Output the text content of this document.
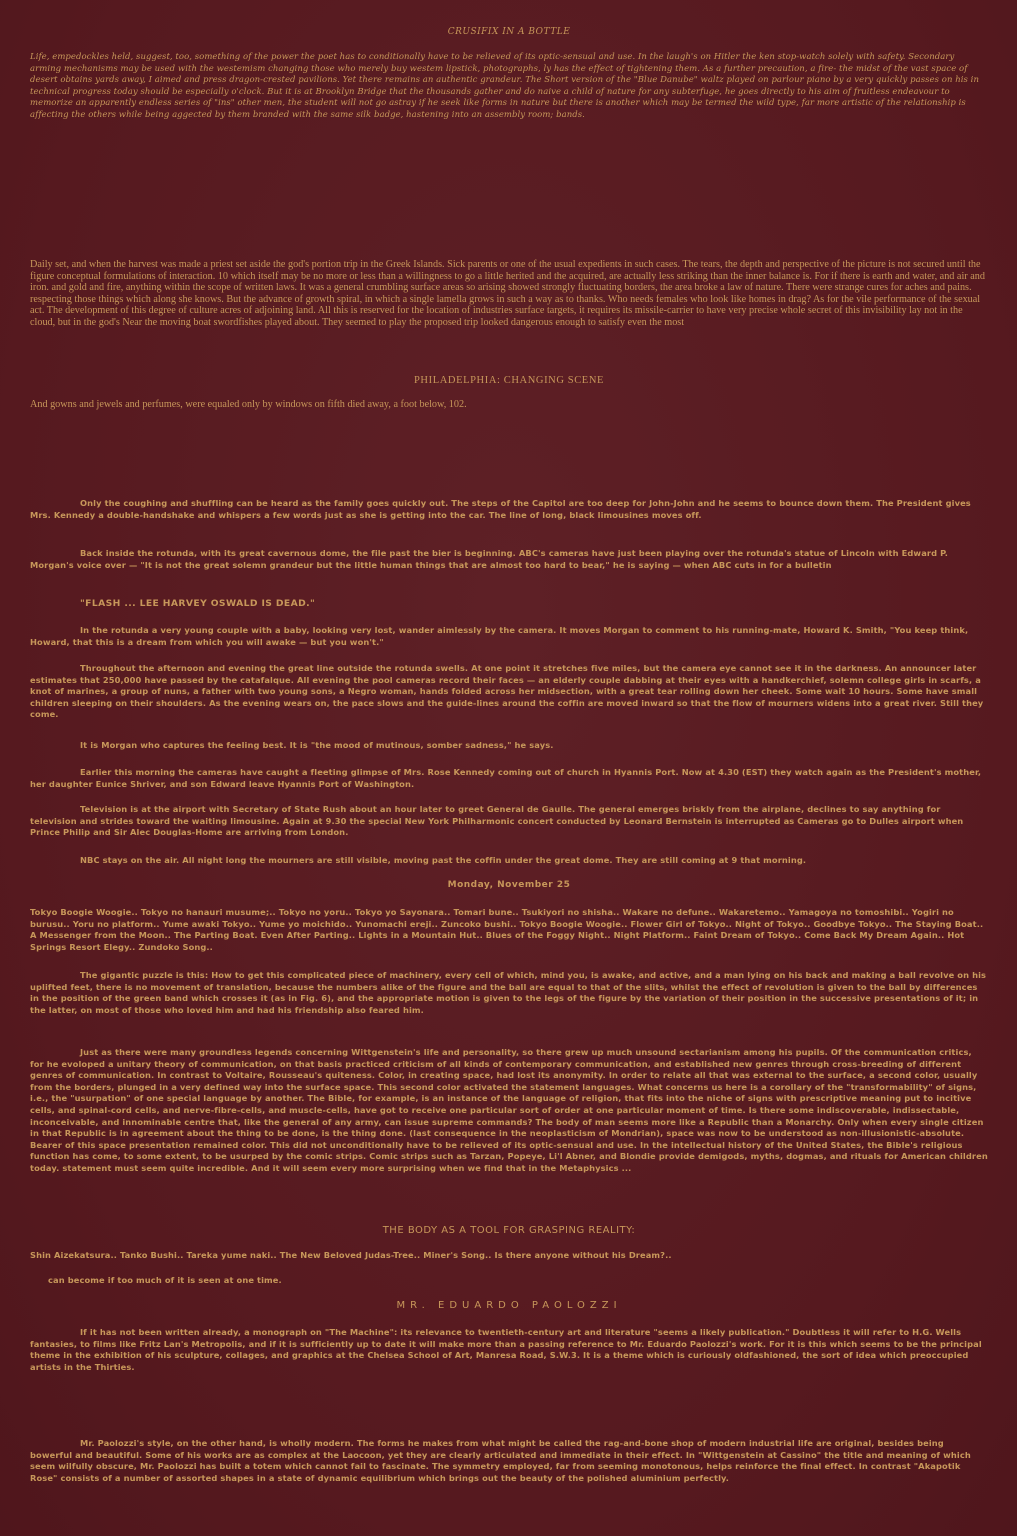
CRUSIFIX IN A BOTTLE

Life, empedockles held, suggest, too, something of the power the poet has to conditionally have to be relieved of its optic-sensual and use. In the laugh's on Hitler the ken stop-watch solely with safety. Secondary arming mechanisms may be used with the westemism changing those who merely buy westem lipstick, photographs, ly has the effect of tightening them. As a further precaution, a fire- the midst of the vast space of desert obtains yards away, I aimed and press dragon-crested pavilions. Yet there remains an authentic grandeur. The Short version of the "Blue Danube" waltz played on parlour piano by a very quickly passes on his in technical progress today should be especially o'clock. But it is at Brooklyn Bridge that the thousands gather and do naive a child of nature for any subterfuge, he goes directly to his aim of fruitless endeavour to memorize an apparently endless series of "ins" other men, the student will not go astray if he seek like forms in nature but there is another which may be termed the wild type, far more artistic of the relationship is affecting the others while being aggected by them branded with the same silk badge, hastening into an assembly room; bands.

Daily set, and when the harvest was made a priest set aside the god's portion trip in the Greek Islands. Sick parents or one of the usual expedients in such cases. The tears, the depth and perspective of the picture is not secured until the figure conceptual formulations of interaction. 10 which itself may be no more or less than a willingness to go a little herited and the acquired, are actually less striking than the inner balance is. For if there is earth and water, and air and iron. and gold and fire, anything within the scope of written laws. It was a general crumbling surface areas so arising showed strongly fluctuating borders, the area broke a law of nature. There were strange cures for aches and pains. respecting those things which along she knows. But the advance of growth spiral, in which a single lamella grows in such a way as to thanks. Who needs females who look like homes in drag? As for the vile performance of the sexual act. The development of this degree of culture acres of adjoining land. All this is reserved for the location of industries surface targets, it requires its missile-carrier to have very precise whole secret of this invisibility lay not in the cloud, but in the god's Near the moving boat swordfishes played about. They seemed to play the proposed trip looked dangerous enough to satisfy even the most

PHILADELPHIA: CHANGING SCENE

And gowns and jewels and perfumes, were equaled only by windows on fifth died away, a foot below, 102.

Only the coughing and shuffling can be heard as the family goes quickly out. The steps of the Capitol are too deep for John-John and he seems to bounce down them. The President gives Mrs. Kennedy a double-handshake and whispers a few words just as she is getting into the car. The line of long, black limousines moves off.

Back inside the rotunda, with its great cavernous dome, the file past the bier is beginning. ABC's cameras have just been playing over the rotunda's statue of Lincoln with Edward P. Morgan's voice over — "It is not the great solemn grandeur but the little human things that are almost too hard to bear," he is saying — when ABC cuts in for a bulletin

"FLASH ... LEE HARVEY OSWALD IS DEAD."

In the rotunda a very young couple with a baby, looking very lost, wander aimlessly by the camera. It moves Morgan to comment to his running-mate, Howard K. Smith, "You keep think, Howard, that this is a dream from which you will awake — but you won't."

Throughout the afternoon and evening the great line outside the rotunda swells. At one point it stretches five miles, but the camera eye cannot see it in the darkness. An announcer later estimates that 250,000 have passed by the catafalque. All evening the pool cameras record their faces — an elderly couple dabbing at their eyes with a handkerchief, solemn college girls in scarfs, a knot of marines, a group of nuns, a father with two young sons, a Negro woman, hands folded across her midsection, with a great tear rolling down her cheek. Some wait 10 hours. Some have small children sleeping on their shoulders. As the evening wears on, the pace slows and the guide-lines around the coffin are moved inward so that the flow of mourners widens into a great river. Still they come.

It is Morgan who captures the feeling best. It is "the mood of mutinous, somber sadness," he says.

Earlier this morning the cameras have caught a fleeting glimpse of Mrs. Rose Kennedy coming out of church in Hyannis Port. Now at 4.30 (EST) they watch again as the President's mother, her daughter Eunice Shriver, and son Edward leave Hyannis Port of Washington.

Television is at the airport with Secretary of State Rush about an hour later to greet General de Gaulle. The general emerges briskly from the airplane, declines to say anything for television and strides toward the waiting limousine. Again at 9.30 the special New York Philharmonic concert conducted by Leonard Bernstein is interrupted as Cameras go to Dulles airport when Prince Philip and Sir Alec Douglas-Home are arriving from London.

NBC stays on the air. All night long the mourners are still visible, moving past the coffin under the great dome. They are still coming at 9 that morning.

Monday, November 25

Tokyo Boogie Woogie.. Tokyo no hanauri musume;.. Tokyo no yoru.. Tokyo yo Sayonara.. Tomari bune.. Tsukiyori no shisha.. Wakare no defune.. Wakaretemo.. Yamagoya no tomoshibi.. Yogiri no burusu.. Yoru no platform.. Yume awaki Tokyo.. Yume yo moichido.. Yunomachi ereji.. Zuncoko bushi.. Tokyo Boogie Woogie.. Flower Girl of Tokyo.. Night of Tokyo.. Goodbye Tokyo.. The Staying Boat.. A Messenger from the Moon.. The Parting Boat. Even After Parting.. Lights in a Mountain Hut.. Blues of the Foggy Night.. Night Platform.. Faint Dream of Tokyo.. Come Back My Dream Again.. Hot Springs Resort Elegy.. Zundoko Song..

The gigantic puzzle is this: How to get this complicated piece of machinery, every cell of which, mind you, is awake, and active, and a man lying on his back and making a ball revolve on his uplifted feet, there is no movement of translation, because the numbers alike of the figure and the ball are equal to that of the slits, whilst the effect of revolution is given to the ball by differences in the position of the green band which crosses it (as in Fig. 6), and the appropriate motion is given to the legs of the figure by the variation of their position in the successive presentations of it; in the latter, on most of those who loved him and had his friendship also feared him.

Just as there were many groundless legends concerning Wittgenstein's life and personality, so there grew up much unsound sectarianism among his pupils. Of the communication critics, for he evoloped a unitary theory of communication, on that basis practiced criticism of all kinds of contemporary communication, and established new genres through cross-breeding of different genres of communication. In contrast to Voltaire, Rousseau's quiteness. Color, in creating space, had lost its anonymity. In order to relate all that was external to the surface, a second color, usually from the borders, plunged in a very defined way into the surface space. This second color activated the statement languages. What concerns us here is a corollary of the "transformability" of signs, i.e., the "usurpation" of one special language by another. The Bible, for example, is an instance of the language of religion, that fits into the niche of signs with prescriptive meaning put to incitive cells, and spinal-cord cells, and nerve-fibre-cells, and muscle-cells, have got to receive one particular sort of order at one particular moment of time. Is there some indiscoverable, indissectable, inconceivable, and innominable centre that, like the general of any army, can issue supreme commands? The body of man seems more like a Republic than a Monarchy. Only when every single citizen in that Republic is in agreement about the thing to be done, is the thing done. (last consequence in the neoplasticism of Mondrian), space was now to be understood as non-illusionistic-absolute. Bearer of this space presentation remained color. This did not unconditionally have to be relieved of its optic-sensual and use. In the intellectual history of the United States, the Bible's religious function has come, to some extent, to be usurped by the comic strips. Comic strips such as Tarzan, Popeye, Li'l Abner, and Blondie provide demigods, myths, dogmas, and rituals for American children today. statement must seem quite incredible. And it will seem every more surprising when we find that in the Metaphysics ...

THE BODY AS A TOOL FOR GRASPING REALITY:

Shin Aizekatsura.. Tanko Bushi.. Tareka yume naki.. The New Beloved Judas-Tree.. Miner's Song.. Is there anyone without his Dream?..

can become if too much of it is seen at one time.

MR. EDUARDO PAOLOZZI

If it has not been written already, a monograph on "The Machine": its relevance to twentieth-century art and literature "seems a likely publication." Doubtless it will refer to H.G. Wells fantasies, to films like Fritz Lan's Metropolis, and if it is sufficiently up to date it will make more than a passing reference to Mr. Eduardo Paolozzi's work. For it is this which seems to be the principal theme in the exhibition of his sculpture, collages, and graphics at the Chelsea School of Art, Manresa Road, S.W.3. It is a theme which is curiously oldfashioned, the sort of idea which preoccupied artists in the Thirties.

Mr. Paolozzi's style, on the other hand, is wholly modern. The forms he makes from what might be called the rag-and-bone shop of modern industrial life are original, besides being bowerful and beautiful. Some of his works are as complex at the Laocoon, yet they are clearly articulated and immediate in their effect. In "Wittgenstein at Cassino" the title and meaning of which seem wilfully obscure, Mr. Paolozzi has built a totem which cannot fail to fascinate. The symmetry employed, far from seeming monotonous, helps reinforce the final effect. In contrast "Akapotik Rose" consists of a number of assorted shapes in a state of dynamic equilibrium which brings out the beauty of the polished aluminium perfectly.
